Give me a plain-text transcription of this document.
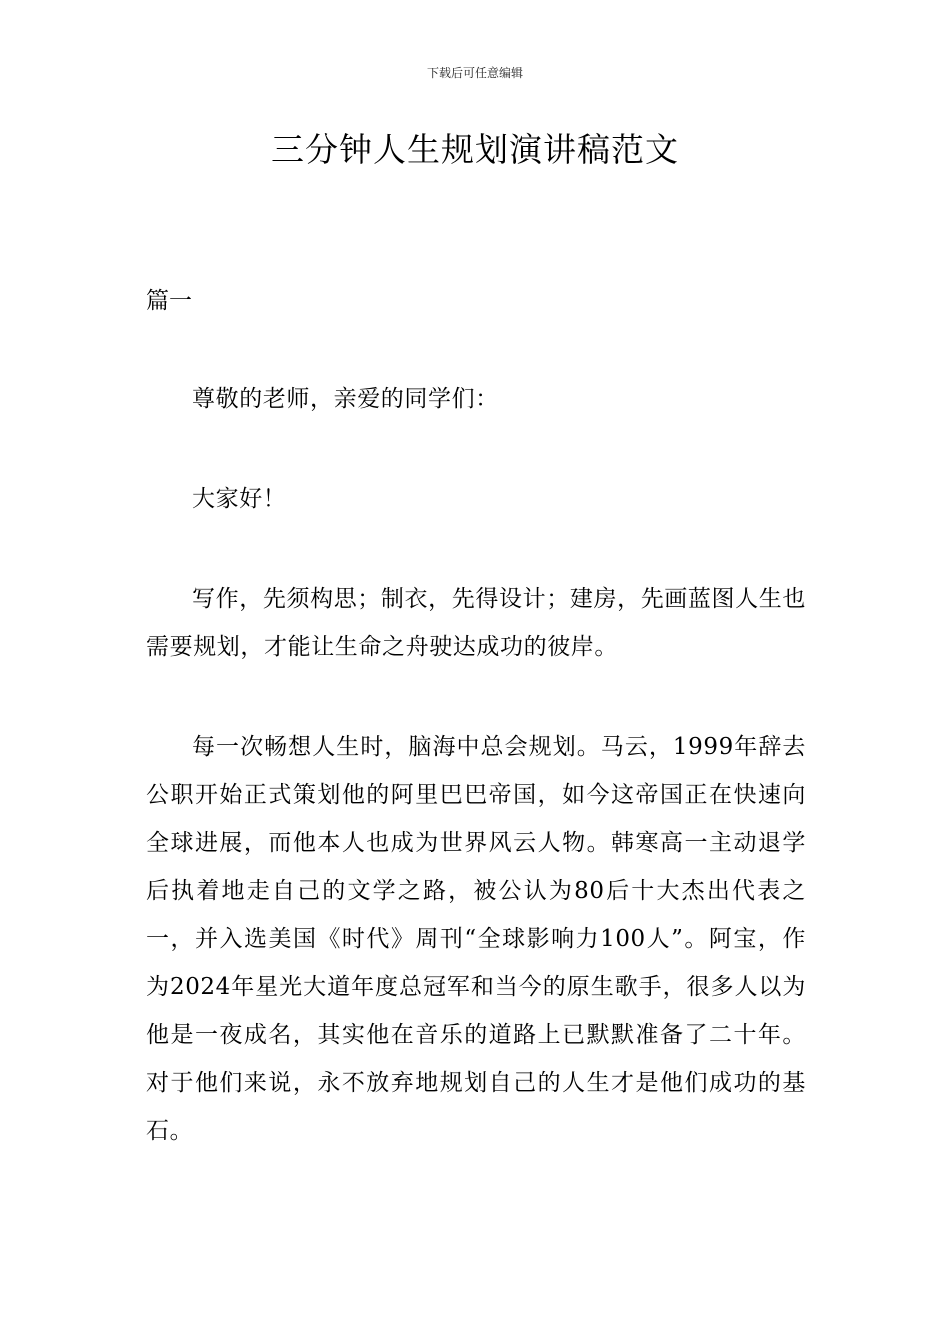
下载后可任意编辑
三分钟人生规划演讲稿范文
篇一

尊敬的老师，亲爱的同学们：

大家好！

写作，先须构思；制衣，先得设计；建房，先画蓝图人生也需要规划，才能让生命之舟驶达成功的彼岸。

每一次畅想人生时，脑海中总会规划。马云，1999年辞去公职开始正式策划他的阿里巴巴帝国，如今这帝国正在快速向全球进展，而他本人也成为世界风云人物。韩寒高一主动退学后执着地走自己的文学之路，被公认为80后十大杰出代表之一，并入选美国《时代》周刊“全球影响力100人”。阿宝，作为2024年星光大道年度总冠军和当今的原生歌手，很多人以为他是一夜成名，其实他在音乐的道路上已默默准备了二十年。对于他们来说，永不放弃地规划自己的人生才是他们成功的基石。
